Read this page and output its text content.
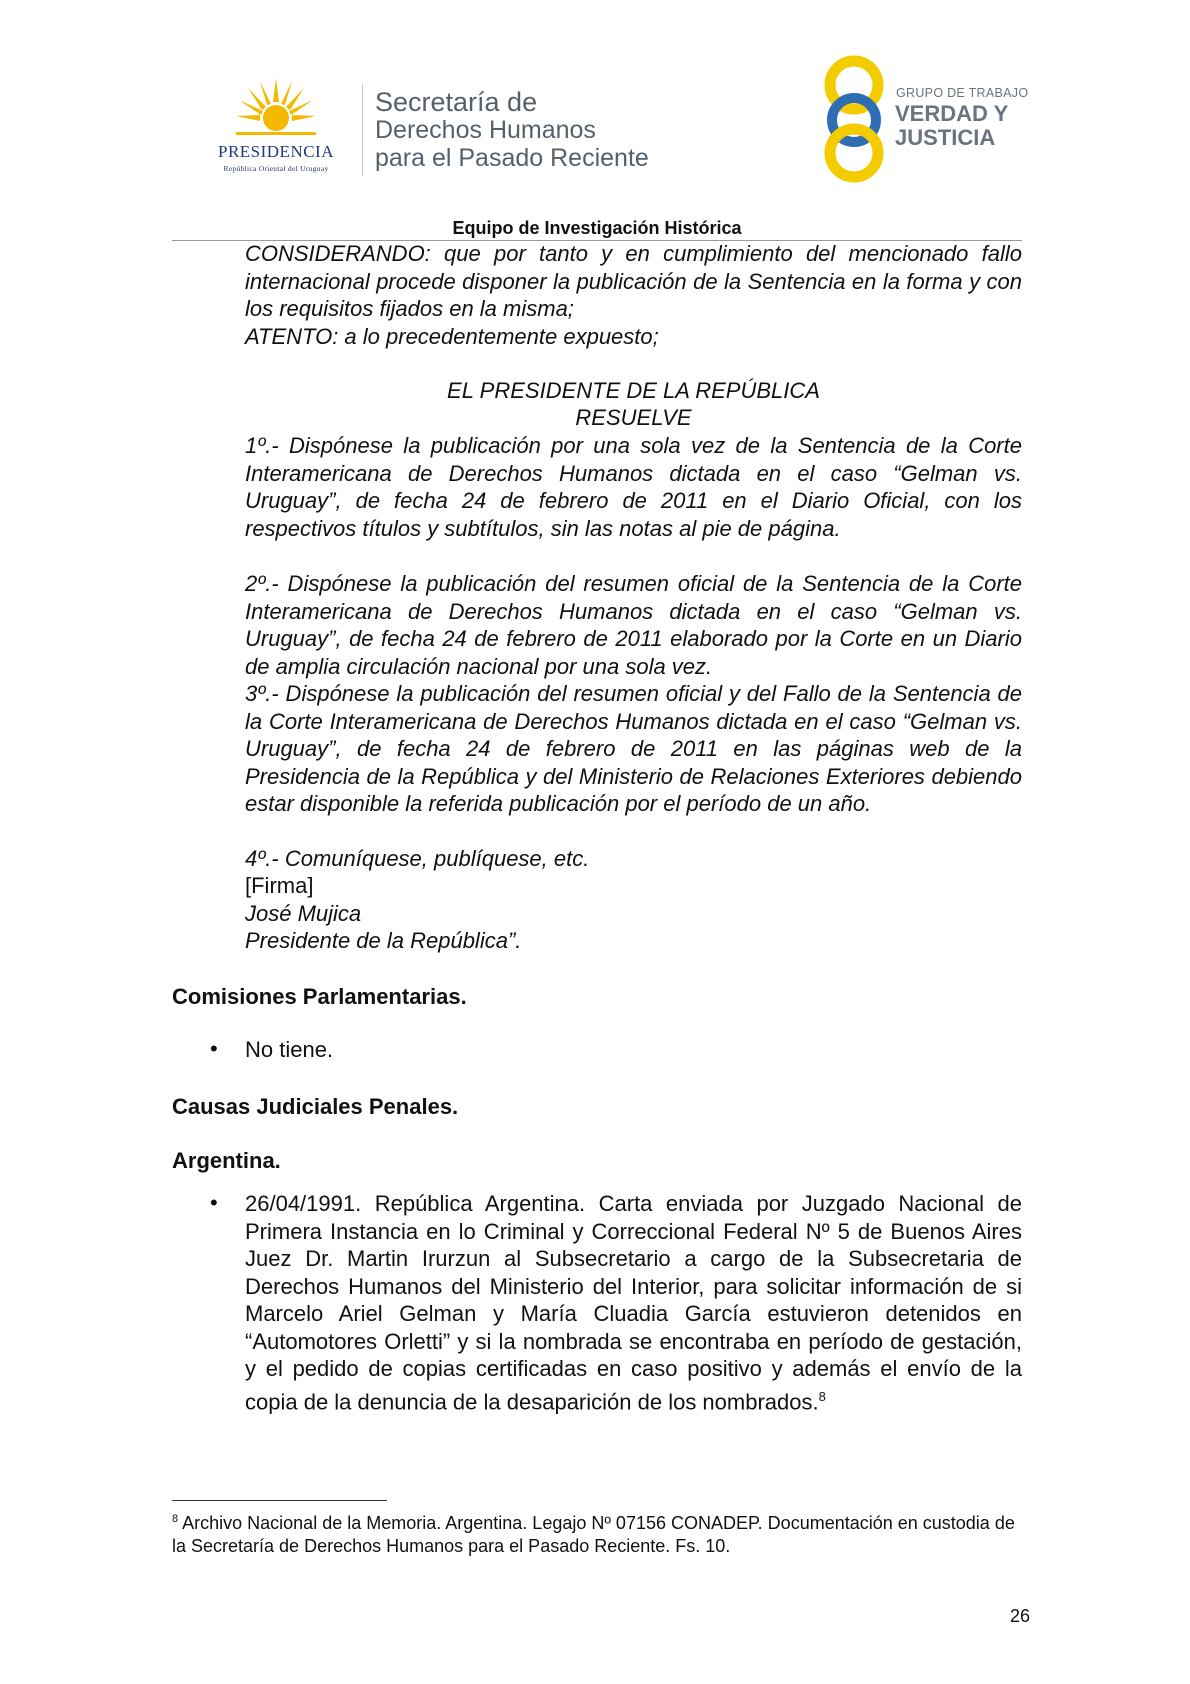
PRESIDENCIA
República Oriental del Uruguay
Secretaría de
Derechos Humanos
para el Pasado Reciente
GRUPO DE TRABAJO
VERDAD Y
JUSTICIA
Equipo de Investigación Histórica
CONSIDERANDO: que por tanto y en cumplimiento del mencionado fallo internacional procede disponer la publicación de la Sentencia en la forma y con los requisitos fijados en la misma;
ATENTO: a lo precedentemente expuesto;
EL PRESIDENTE DE LA REPÚBLICA
RESUELVE
1º.- Dispónese la publicación por una sola vez de la Sentencia de la Corte Interamericana de Derechos Humanos dictada en el caso “Gelman vs. Uruguay”, de fecha 24 de febrero de 2011 en el Diario Oficial, con los respectivos títulos y subtítulos, sin las notas al pie de página.
2º.- Dispónese la publicación del resumen oficial de la Sentencia de la Corte Interamericana de Derechos Humanos dictada en el caso “Gelman vs. Uruguay”, de fecha 24 de febrero de 2011 elaborado por la Corte en un Diario de amplia circulación nacional por una sola vez.
3º.- Dispónese la publicación del resumen oficial y del Fallo de la Sentencia de la Corte Interamericana de Derechos Humanos dictada en el caso “Gelman vs. Uruguay”, de fecha 24 de febrero de 2011 en las páginas web de la Presidencia de la República y del Ministerio de Relaciones Exteriores debiendo estar disponible la referida publicación por el período de un año.
4º.- Comuníquese, publíquese, etc.
[Firma]
José Mujica
Presidente de la República”.
Comisiones Parlamentarias.
• No tiene.
Causas Judiciales Penales.
Argentina.
• 26/04/1991. República Argentina. Carta enviada por Juzgado Nacional de Primera Instancia en lo Criminal y Correccional Federal Nº 5 de Buenos Aires Juez Dr. Martin Irurzun al Subsecretario a cargo de la Subsecretaria de Derechos Humanos del Ministerio del Interior, para solicitar información de si Marcelo Ariel Gelman y María Cluadia García estuvieron detenidos en “Automotores Orletti” y si la nombrada se encontraba en período de gestación, y el pedido de copias certificadas en caso positivo y además el envío de la copia de la denuncia de la desaparición de los nombrados.$^8$
$^8$ Archivo Nacional de la Memoria. Argentina. Legajo Nº 07156 CONADEP. Documentación en custodia de la Secretaría de Derechos Humanos para el Pasado Reciente. Fs. 10.
26
